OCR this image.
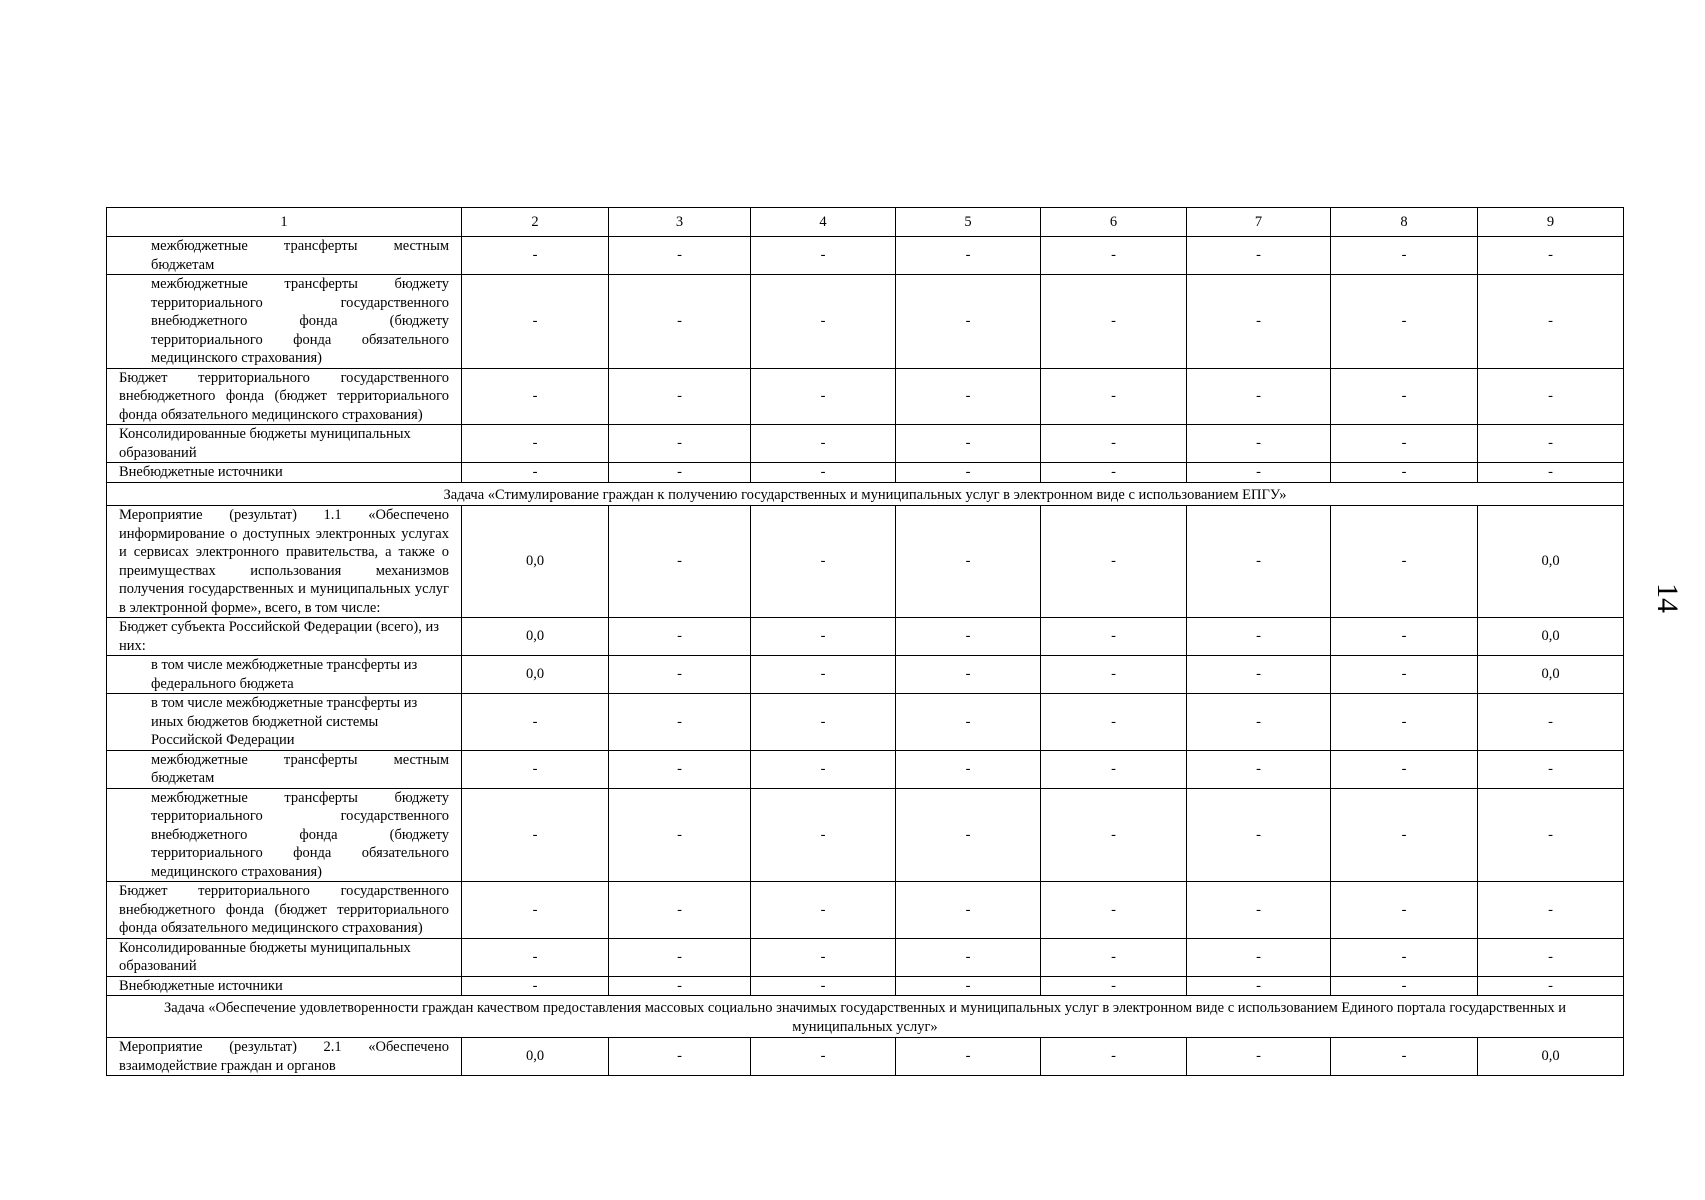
1	2	3	4	5	6	7	8	9
межбюджетные трансферты местным бюджетам	-	-	-	-	-	-	-	-
межбюджетные трансферты бюджету территориального государственного внебюджетного фонда (бюджету территориального фонда обязательного медицинского страхования)	-	-	-	-	-	-	-	-
Бюджет территориального государственного внебюджетного фонда (бюджет территориального фонда обязательного медицинского страхования)	-	-	-	-	-	-	-	-
Консолидированные бюджеты муниципальных образований	-	-	-	-	-	-	-	-
Внебюджетные источники	-	-	-	-	-	-	-	-
Задача «Стимулирование граждан к получению государственных и муниципальных услуг в электронном виде с использованием ЕПГУ»								
Мероприятие (результат) 1.1 «Обеспечено информирование о доступных электронных услугах и сервисах электронного правительства, а также о преимуществах использования механизмов получения государственных и муниципальных услуг в электронной форме», всего, в том числе:	0,0	-	-	-	-	-	-	0,0
Бюджет субъекта Российской Федерации (всего), из них:	0,0	-	-	-	-	-	-	0,0
в том числе межбюджетные трансферты из федерального бюджета	0,0	-	-	-	-	-	-	0,0
в том числе межбюджетные трансферты из иных бюджетов бюджетной системы Российской Федерации	-	-	-	-	-	-	-	-
межбюджетные трансферты местным бюджетам	-	-	-	-	-	-	-	-
межбюджетные трансферты бюджету территориального государственного внебюджетного фонда (бюджету территориального фонда обязательного медицинского страхования)	-	-	-	-	-	-	-	-
Бюджет территориального государственного внебюджетного фонда (бюджет территориального фонда обязательного медицинского страхования)	-	-	-	-	-	-	-	-
Консолидированные бюджеты муниципальных образований	-	-	-	-	-	-	-	-
Внебюджетные источники	-	-	-	-	-	-	-	-
Задача «Обеспечение удовлетворенности граждан качеством предоставления массовых социально значимых государственных и муниципальных услуг в электронном виде с использованием Единого портала государственных и муниципальных услуг»								
Мероприятие (результат) 2.1 «Обеспечено взаимодействие граждан и органов	0,0	-	-	-	-	-	-	0,0
14
